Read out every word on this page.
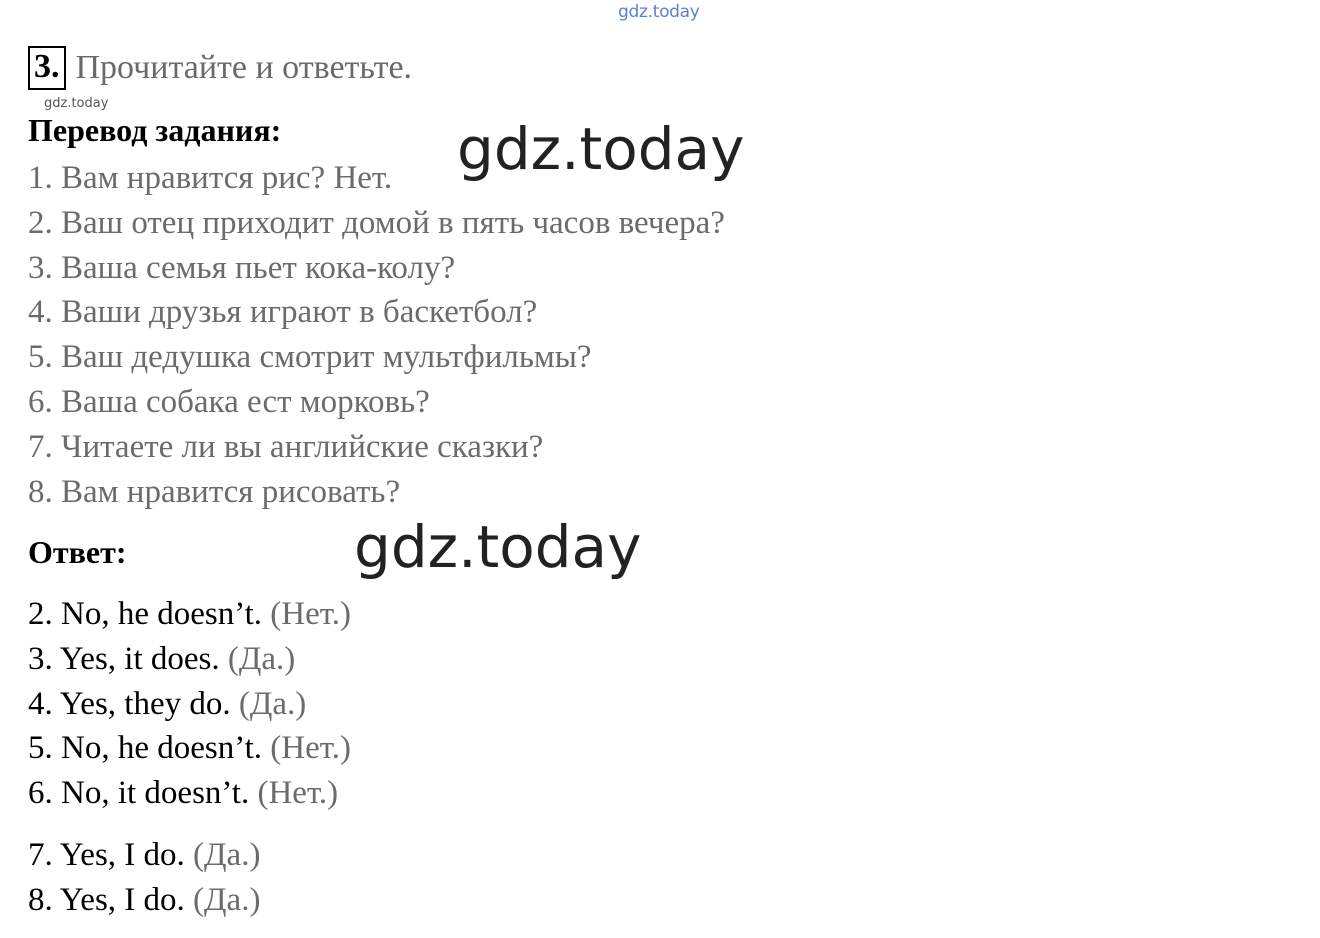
gdz.today
3. Прочитайте и ответьте.
gdz.today
Перевод задания:
1. Вам нравится рис? Нет.
2. Ваш отец приходит домой в пять часов вечера?
3. Ваша семья пьет кока-колу?
4. Ваши друзья играют в баскетбол?
5. Ваш дедушка смотрит мультфильмы?
6. Ваша собака ест морковь?
7. Читаете ли вы английские сказки?
8. Вам нравится рисовать?
gdz.today
Ответ:	gdz.today
2. No, he doesn’t. (Нет.)
3. Yes, it does. (Да.)
4. Yes, they do. (Да.)
5. No, he doesn’t. (Нет.)
6. No, it doesn’t. (Нет.)
7. Yes, I do. (Да.)
8. Yes, I do. (Да.)
